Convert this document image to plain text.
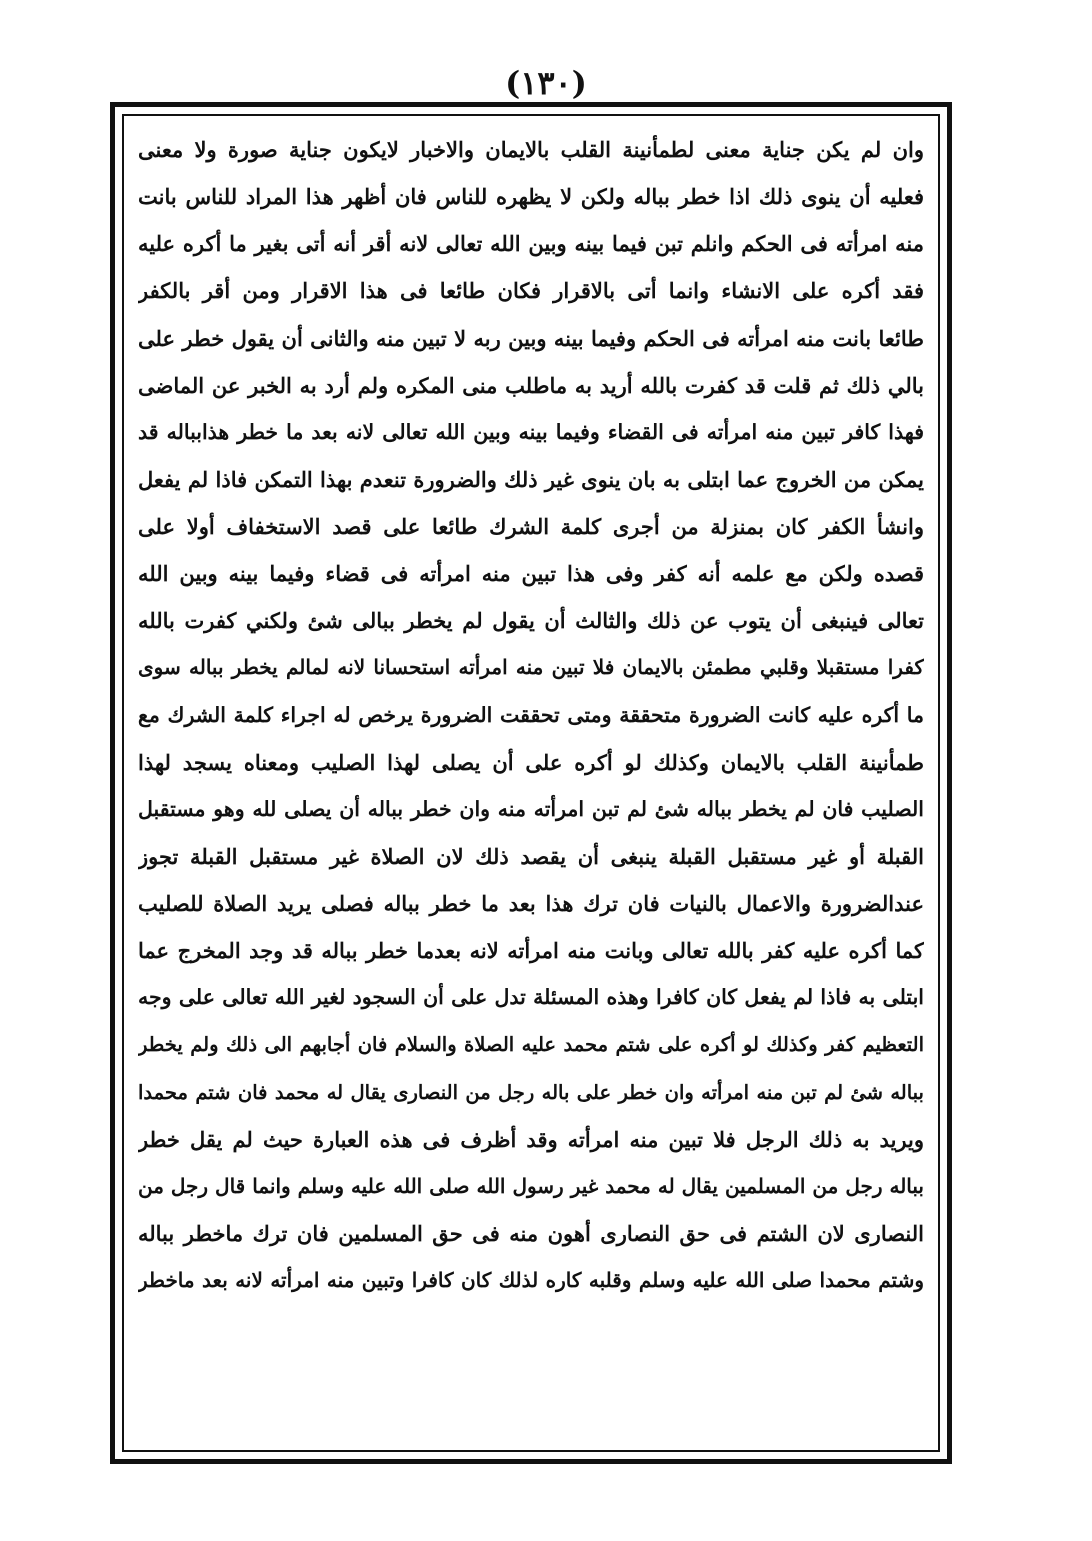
(١٣٠)
وان لم يكن جناية معنى لطمأنينة القلب بالايمان والاخبار لايكون جناية صورة ولا معنى
فعليه أن ينوى ذلك اذا خطر بباله ولكن لا يظهره للناس فان أظهر هذا المراد للناس بانت
منه امرأته فى الحكم وانلم تبن فيما بينه وبين الله تعالى لانه أقر أنه أتى بغير ما أكره عليه
فقد أكره على الانشاء وانما أتى بالاقرار فكان طائعا فى هذا الاقرار ومن أقر بالكفر
طائعا بانت منه امرأته فى الحكم وفيما بينه وبين ربه لا تبين منه والثانى أن يقول خطر على
بالي ذلك ثم قلت قد كفرت بالله أريد به ماطلب منى المكره ولم أرد به الخبر عن الماضى
فهذا كافر تبين منه امرأته فى القضاء وفيما بينه وبين الله تعالى لانه بعد ما خطر هذابباله قد
يمكن من الخروج عما ابتلى به بان ينوى غير ذلك والضرورة تنعدم بهذا التمكن فاذا لم يفعل
وانشأ الكفر كان بمنزلة من أجرى كلمة الشرك طائعا على قصد الاستخفاف أولا على
قصده ولكن مع علمه أنه كفر وفى هذا تبين منه امرأته فى قضاء وفيما بينه وبين الله
تعالى فينبغى أن يتوب عن ذلك والثالث أن يقول لم يخطر ببالى شئ ولكني كفرت بالله
كفرا مستقبلا وقلبي مطمئن بالايمان فلا تبين منه امرأته استحسانا لانه لمالم يخطر بباله سوى
ما أكره عليه كانت الضرورة متحققة ومتى تحققت الضرورة يرخص له اجراء كلمة الشرك مع
طمأنينة القلب بالايمان وكذلك لو أكره على أن يصلى لهذا الصليب ومعناه يسجد لهذا
الصليب فان لم يخطر بباله شئ لم تبن امرأته منه وان خطر بباله أن يصلى لله وهو مستقبل
القبلة أو غير مستقبل القبلة ينبغى أن يقصد ذلك لان الصلاة غير مستقبل القبلة تجوز
عندالضرورة والاعمال بالنيات فان ترك هذا بعد ما خطر بباله فصلى يريد الصلاة للصليب
كما أكره عليه كفر بالله تعالى وبانت منه امرأته لانه بعدما خطر بباله قد وجد المخرج عما
ابتلى به فاذا لم يفعل كان كافرا وهذه المسئلة تدل على أن السجود لغير الله تعالى على وجه
التعظيم كفر وكذلك لو أكره على شتم محمد عليه الصلاة والسلام فان أجابهم الى ذلك ولم يخطر
بباله شئ لم تبن منه امرأته وان خطر على باله رجل من النصارى يقال له محمد فان شتم محمدا
ويريد به ذلك الرجل فلا تبين منه امرأته وقد أظرف فى هذه العبارة حيث لم يقل خطر
بباله رجل من المسلمين يقال له محمد غير رسول الله صلى الله عليه وسلم وانما قال رجل من
النصارى لان الشتم فى حق النصارى أهون منه فى حق المسلمين فان ترك ماخطر بباله
وشتم محمدا صلى الله عليه وسلم وقلبه كاره لذلك كان كافرا وتبين منه امرأته لانه بعد ماخطر
